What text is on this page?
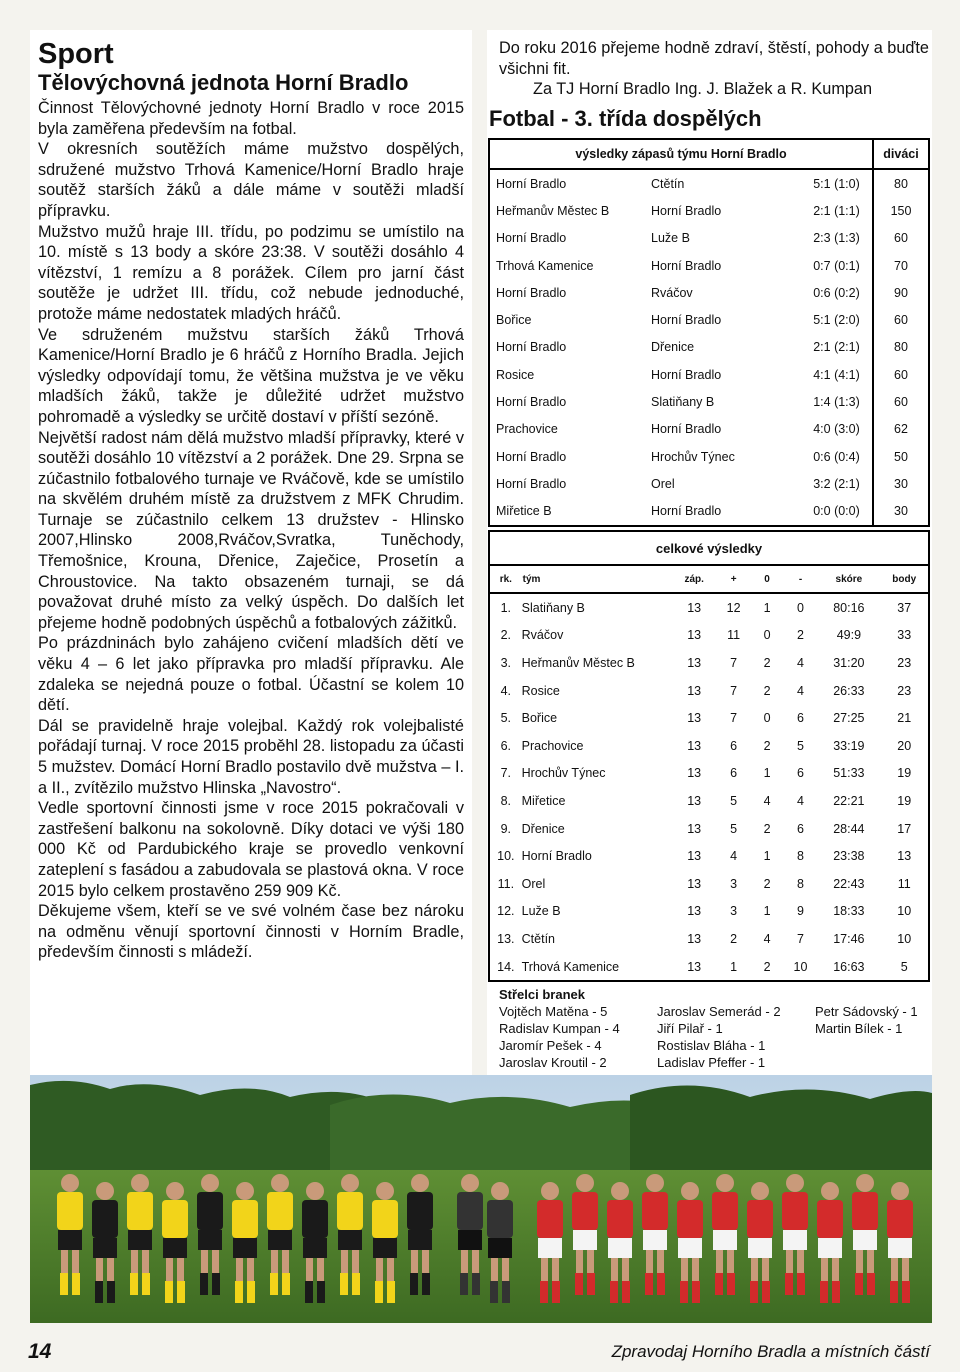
Sport
Tělovýchovná jednota Horní Bradlo

Činnost Tělovýchovné jednoty Horní Bradlo v roce 2015 byla zaměřena především na fotbal.

V okresních soutěžích máme mužstvo dospělých, sdružené mužstvo Trhová Kamenice/Horní Bradlo hraje soutěž starších žáků a dále máme v soutěži mladší přípravku.

Mužstvo mužů hraje III. třídu, po podzimu se umístilo na 10. místě s 13 body a skóre 23:38. V soutěži dosáhlo 4 vítězství, 1 remízu a 8 porážek. Cílem pro jarní část soutěže je udržet III. třídu, což nebude jednoduché, protože máme nedostatek mladých hráčů.

Ve sdruženém mužstvu starších žáků Trhová Kamenice/Horní Bradlo je 6 hráčů z Horního Bradla. Jejich výsledky odpovídají tomu, že většina mužstva je ve věku mladších žáků, takže je důležité udržet mužstvo pohromadě a výsledky se určitě dostaví v příští sezóně.

Největší radost nám dělá mužstvo mladší přípravky, které v soutěži dosáhlo 10 vítězství a 2 porážek. Dne 29. Srpna se zúčastnilo fotbalového turnaje ve Rváčově, kde se umístilo na skvělém druhém místě za družstvem z MFK Chrudim. Turnaje se zúčastnilo celkem 13 družstev - Hlinsko 2007,Hlinsko 2008,Rváčov,Svratka, Tuněchody, Třemošnice, Krouna, Dřenice, Zaječice, Prosetín a Chroustovice. Na takto obsazeném turnaji, se dá považovat druhé místo za velký úspěch. Do dalších let přejeme hodně podobných úspěchů a fotbalových zážitků.

Po prázdninách bylo zahájeno cvičení mladších dětí ve věku 4 – 6 let jako přípravka pro mladší přípravku. Ale zdaleka se nejedná pouze o fotbal. Účastní se kolem 10 dětí.

Dál se pravidelně hraje volejbal. Každý rok volejbalisté pořádají turnaj. V roce 2015 proběhl 28. listopadu za účasti 5 mužstev. Domácí Horní Bradlo postavilo dvě mužstva – I. a II., zvítězilo mužstvo Hlinska „Navostro“.

Vedle sportovní činnosti jsme v roce 2015 pokračovali v zastřešení balkonu na sokolovně. Díky dotaci ve výši 180 000 Kč od Pardubického kraje se provedlo venkovní zateplení s fasádou a zabudovala se plastová okna. V roce 2015 bylo celkem prostavěno 259 909 Kč.

Děkujeme všem, kteří se ve své volném čase bez nároku na odměnu věnují sportovní činnosti v Horním Bradle, především činnosti s mládeží.

Do roku 2016 přejeme hodně zdraví, štěstí, pohody a buďte všichni fit.
Za TJ Horní Bradlo Ing. J. Blažek a R. Kumpan
Fotbal - 3. třída dospělých
výsledky zápasů týmu Horní Bradlo			diváci
Horní Bradlo	Ctětín	5:1 (1:0)	80
Heřmanův Městec B	Horní Bradlo	2:1 (1:1)	150
Horní Bradlo	Luže B	2:3 (1:3)	60
Trhová Kamenice	Horní Bradlo	0:7 (0:1)	70
Horní Bradlo	Rváčov	0:6 (0:2)	90
Bořice	Horní Bradlo	5:1 (2:0)	60
Horní Bradlo	Dřenice	2:1 (2:1)	80
Rosice	Horní Bradlo	4:1 (4:1)	60
Horní Bradlo	Slatiňany B	1:4 (1:3)	60
Prachovice	Horní Bradlo	4:0 (3:0)	62
Horní Bradlo	Hrochův Týnec	0:6 (0:4)	50
Horní Bradlo	Orel	3:2 (2:1)	30
Miřetice B	Horní Bradlo	0:0 (0:0)	30
celkové výsledky							
rk.	tým	záp.	+	0	-	skóre	body
1.	Slatiňany B	13	12	1	0	80:16	37
2.	Rváčov	13	11	0	2	49:9	33
3.	Heřmanův Městec B	13	7	2	4	31:20	23
4.	Rosice	13	7	2	4	26:33	23
5.	Bořice	13	7	0	6	27:25	21
6.	Prachovice	13	6	2	5	33:19	20
7.	Hrochův Týnec	13	6	1	6	51:33	19
8.	Miřetice	13	5	4	4	22:21	19
9.	Dřenice	13	5	2	6	28:44	17
10.	Horní Bradlo	13	4	1	8	23:38	13
11.	Orel	13	3	2	8	22:43	11
12.	Luže B	13	3	1	9	18:33	10
13.	Ctětín	13	2	4	7	17:46	10
14.	Trhová Kamenice	13	1	2	10	16:63	5
Střelci branek
Vojtěch Matěna - 5
Radislav Kumpan - 4
Jaromír Pešek - 4
Jaroslav Kroutil - 2
Jaroslav Semerád - 2
Jiří Pilař - 1
Rostislav Bláha - 1
Ladislav Pfeffer - 1
Petr Sádovský - 1
Martin Bílek - 1
14	Zpravodaj Horního Bradla a místních částí
